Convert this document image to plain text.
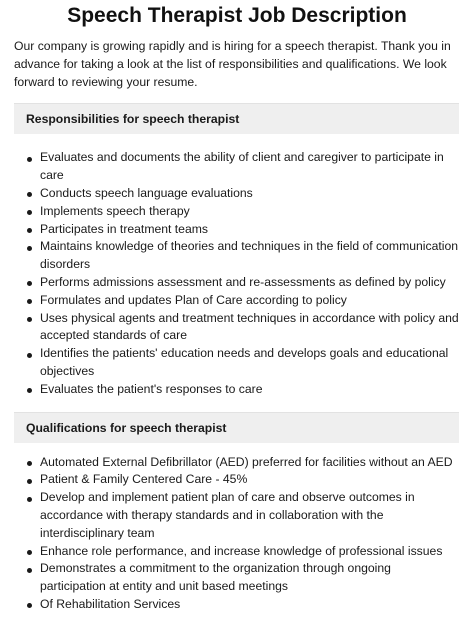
Speech Therapist Job Description

Our company is growing rapidly and is hiring for a speech therapist. Thank you in advance for taking a look at the list of responsibilities and qualifications. We look forward to reviewing your resume.

Responsibilities for speech therapist
Evaluates and documents the ability of client and caregiver to participate in care
Conducts speech language evaluations
Implements speech therapy
Participates in treatment teams
Maintains knowledge of theories and techniques in the field of communication disorders
Performs admissions assessment and re-assessments as defined by policy
Formulates and updates Plan of Care according to policy
Uses physical agents and treatment techniques in accordance with policy and accepted standards of care
Identifies the patients' education needs and develops goals and educational objectives
Evaluates the patient's responses to care
Qualifications for speech therapist
Automated External Defibrillator (AED) preferred for facilities without an AED
Patient & Family Centered Care - 45%
Develop and implement patient plan of care and observe outcomes in accordance with therapy standards and in collaboration with the interdisciplinary team
Enhance role performance, and increase knowledge of professional issues
Demonstrates a commitment to the organization through ongoing participation at entity and unit based meetings
Of Rehabilitation Services
